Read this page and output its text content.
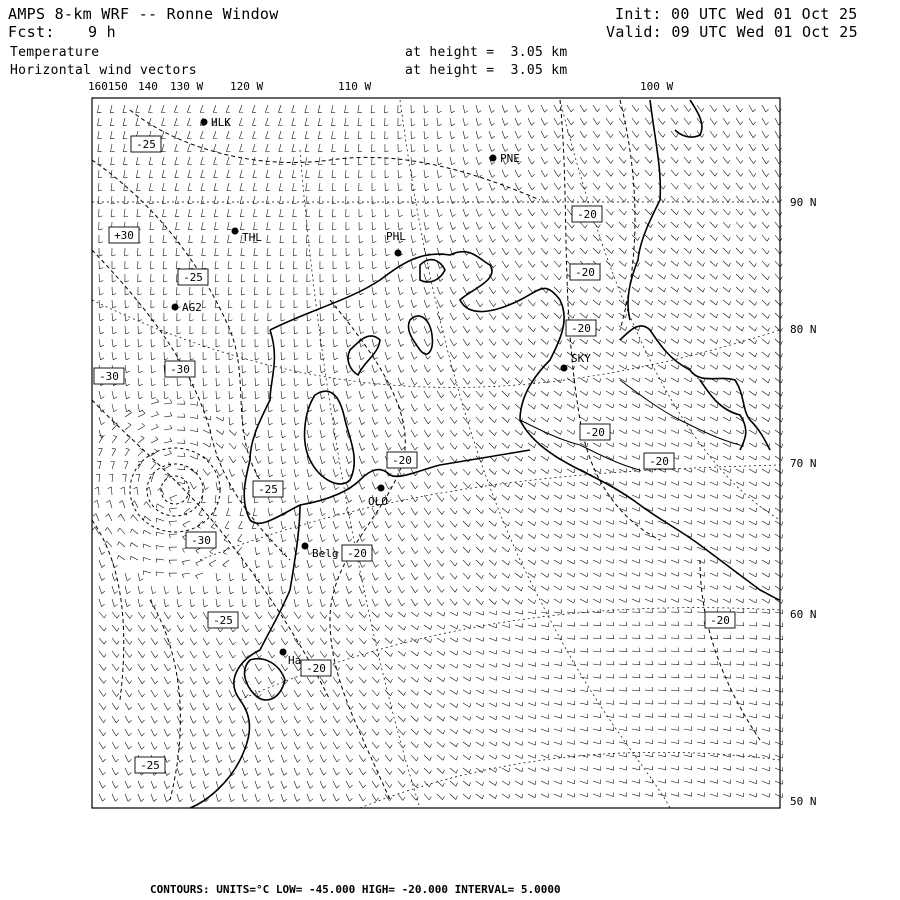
AMPS 8-km WRF -- Ronne Window
Fcst: 9 h
Temperature
Horizontal wind vectors
at height =  3.05 km
at height =  3.05 km
Init: 00 UTC Wed 01 Oct 25
Valid: 09 UTC Wed 01 Oct 25
160150 140 130 W 120 W	110 W	100 W
90 N
80 N
70 N
60 N
50 N
HLK
PNE
THL	PHL
AG2
SKY
OLO
Belg
Ha
-25
-20
+30
-20
-25
-20
-30
-30
-20
-20	-20
-25
-30
-20
-25	-20
-20
-25
CONTOURS: UNITS=°C LOW= -45.000 HIGH= -20.000 INTERVAL= 5.0000
